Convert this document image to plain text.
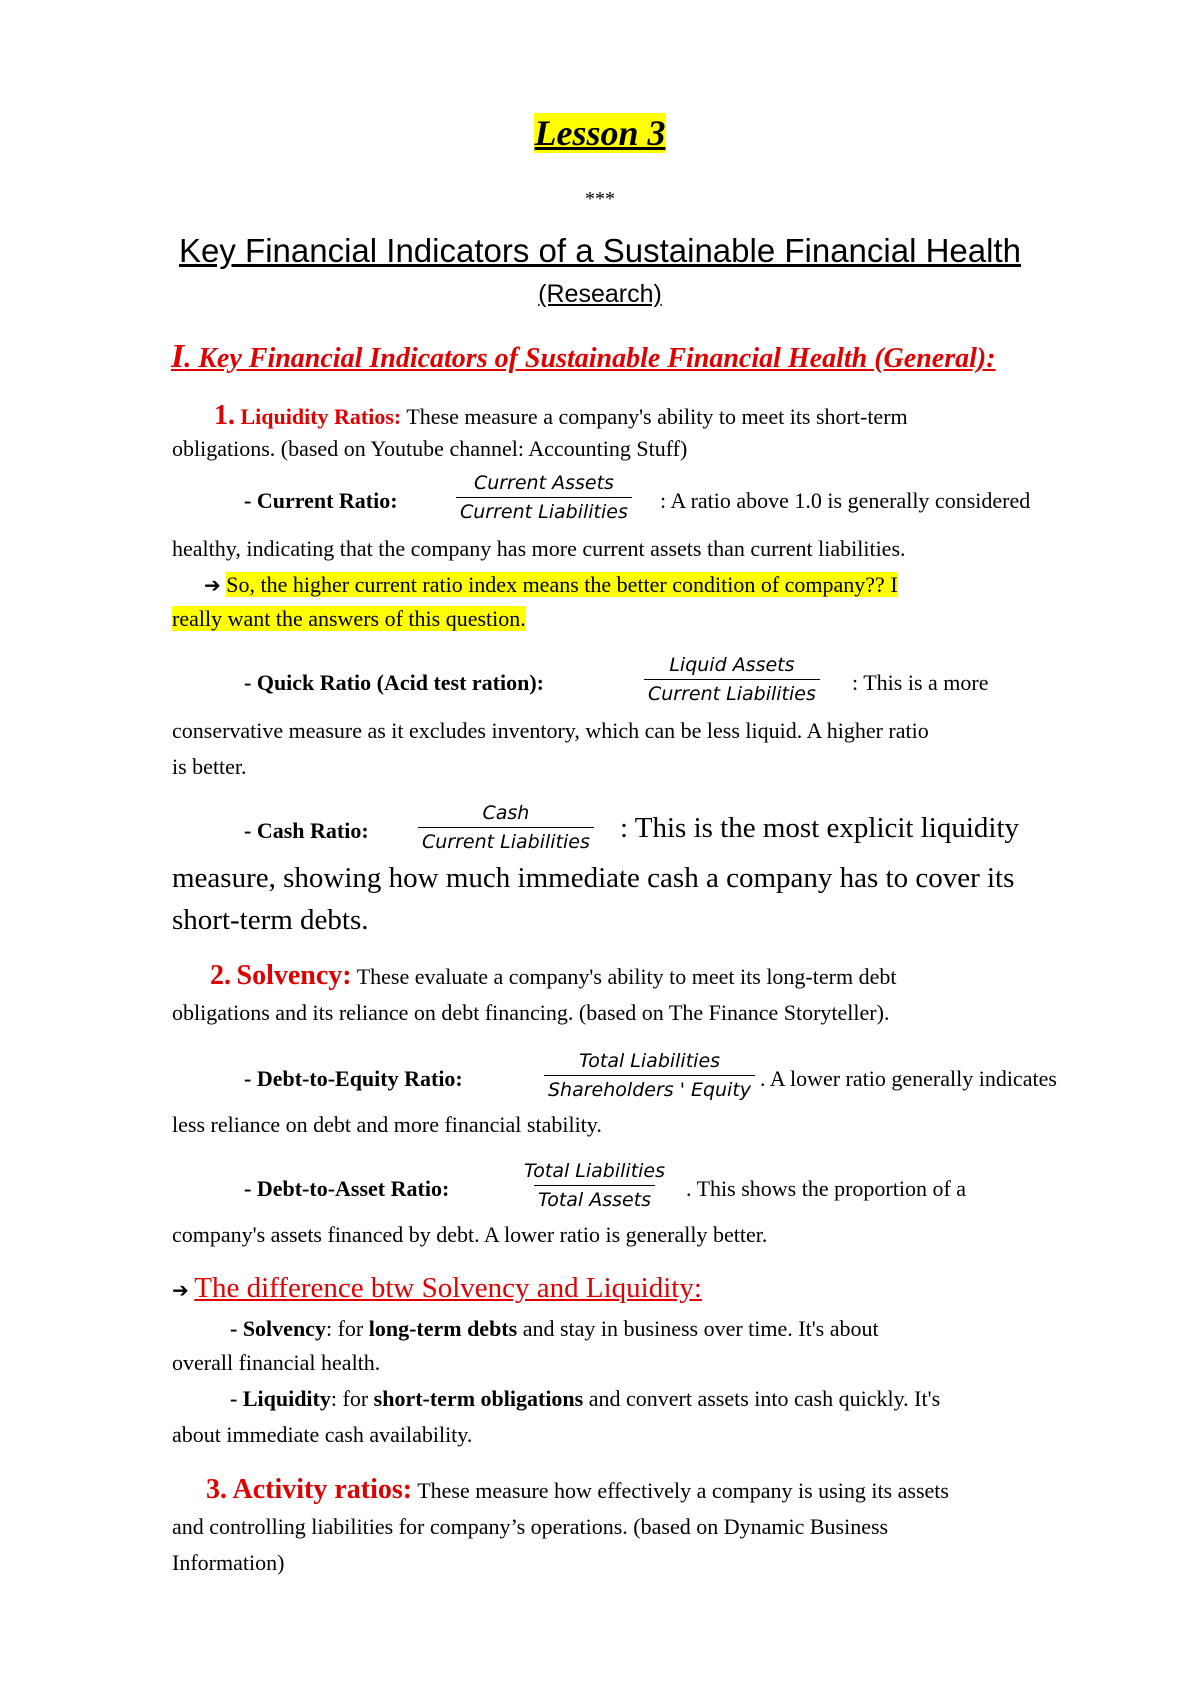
Lesson 3
***
Key Financial Indicators of a Sustainable Financial Health
(Research)
I. Key Financial Indicators of Sustainable Financial Health (General):
1. Liquidity Ratios: These measure a company's ability to meet its short-term
obligations. (based on Youtube channel: Accounting Stuff)
- Current Ratio:
Current Assets
Current Liabilities : A ratio above 1.0 is generally considered
healthy, indicating that the company has more current assets than current liabilities.
➔ So, the higher current ratio index means the better condition of company?? I
really want the answers of this question.
- Quick Ratio (Acid test ration):
Liquid Assets
Current Liabilities : This is a more
conservative measure as it excludes inventory, which can be less liquid. A higher ratio
is better.
- Cash Ratio:
Cash
Current Liabilities : This is the most explicit liquidity
measure, showing how much immediate cash a company has to cover its
short-term debts.
2. Solvency: These evaluate a company's ability to meet its long-term debt
obligations and its reliance on debt financing. (based on The Finance Storyteller).
- Debt-to-Equity Ratio:
Total Liabilities
Shareholders ' Equity . A lower ratio generally indicates
less reliance on debt and more financial stability.
- Debt-to-Asset Ratio:
Total Liabilities
Total Assets . This shows the proportion of a
company's assets financed by debt. A lower ratio is generally better.
➔ The difference btw Solvency and Liquidity:
- Solvency: for long-term debts and stay in business over time. It's about
overall financial health.
- Liquidity: for short-term obligations and convert assets into cash quickly. It's
about immediate cash availability.
3. Activity ratios: These measure how effectively a company is using its assets
and controlling liabilities for company’s operations. (based on Dynamic Business
Information)
